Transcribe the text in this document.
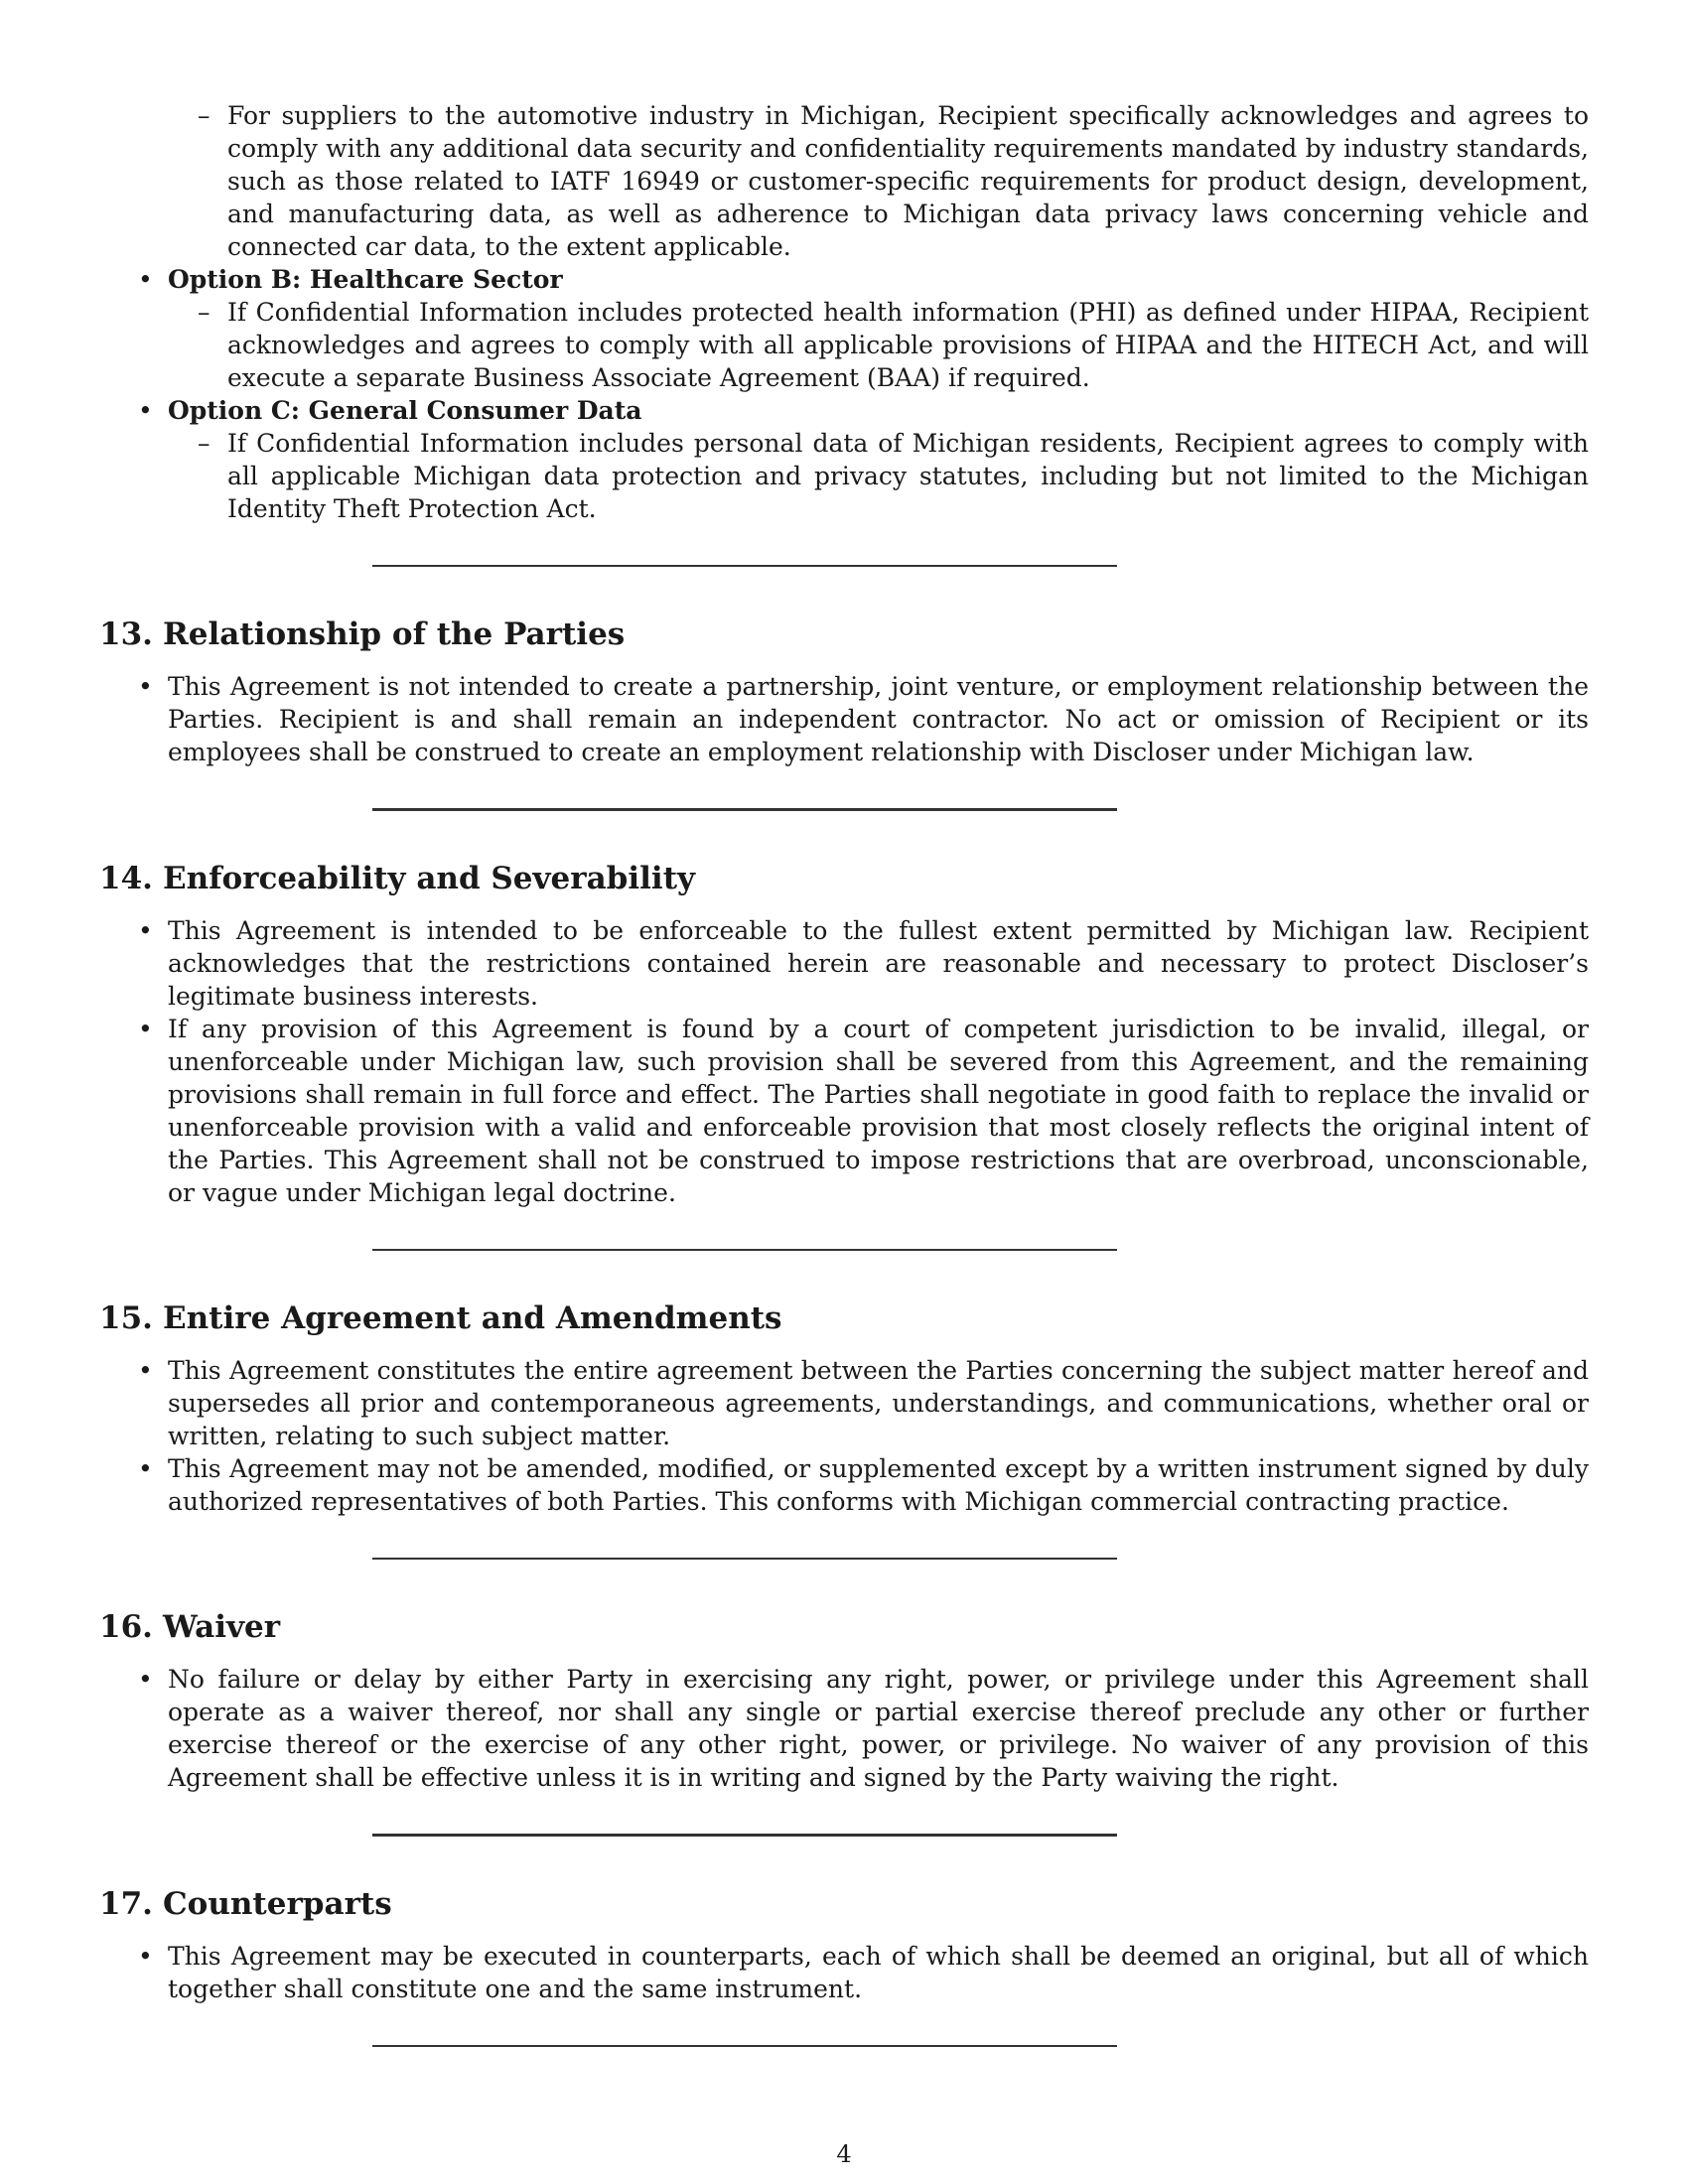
– For suppliers to the automotive industry in Michigan, Recipient specifically acknowledges and agrees to comply with any additional data security and confidentiality requirements mandated by industry standards, such as those related to IATF 16949 or customer-specific requirements for product design, development, and manufacturing data, as well as adherence to Michigan data privacy laws concerning vehicle and connected car data, to the extent applicable.
• Option B: Healthcare Sector
– If Confidential Information includes protected health information (PHI) as defined under HIPAA, Recipient acknowledges and agrees to comply with all applicable provisions of HIPAA and the HITECH Act, and will execute a separate Business Associate Agreement (BAA) if required.
• Option C: General Consumer Data
– If Confidential Information includes personal data of Michigan residents, Recipient agrees to comply with all applicable Michigan data protection and privacy statutes, including but not limited to the Michigan Identity Theft Protection Act.
13. Relationship of the Parties
• This Agreement is not intended to create a partnership, joint venture, or employment relationship between the Parties. Recipient is and shall remain an independent contractor. No act or omission of Recipient or its employees shall be construed to create an employment relationship with Discloser under Michigan law.
14. Enforceability and Severability
• This Agreement is intended to be enforceable to the fullest extent permitted by Michigan law. Recipient acknowledges that the restrictions contained herein are reasonable and necessary to protect Discloser’s legitimate business interests.
• If any provision of this Agreement is found by a court of competent jurisdiction to be invalid, illegal, or unenforceable under Michigan law, such provision shall be severed from this Agreement, and the remaining provisions shall remain in full force and effect. The Parties shall negotiate in good faith to replace the invalid or unenforceable provision with a valid and enforceable provision that most closely reflects the original intent of the Parties. This Agreement shall not be construed to impose restrictions that are overbroad, unconscionable, or vague under Michigan legal doctrine.
15. Entire Agreement and Amendments
• This Agreement constitutes the entire agreement between the Parties concerning the subject matter hereof and supersedes all prior and contemporaneous agreements, understandings, and communications, whether oral or written, relating to such subject matter.
• This Agreement may not be amended, modified, or supplemented except by a written instrument signed by duly authorized representatives of both Parties. This conforms with Michigan commercial contracting practice.
16. Waiver
• No failure or delay by either Party in exercising any right, power, or privilege under this Agreement shall operate as a waiver thereof, nor shall any single or partial exercise thereof preclude any other or further exercise thereof or the exercise of any other right, power, or privilege. No waiver of any provision of this Agreement shall be effective unless it is in writing and signed by the Party waiving the right.
17. Counterparts
• This Agreement may be executed in counterparts, each of which shall be deemed an original, but all of which together shall constitute one and the same instrument.
4
